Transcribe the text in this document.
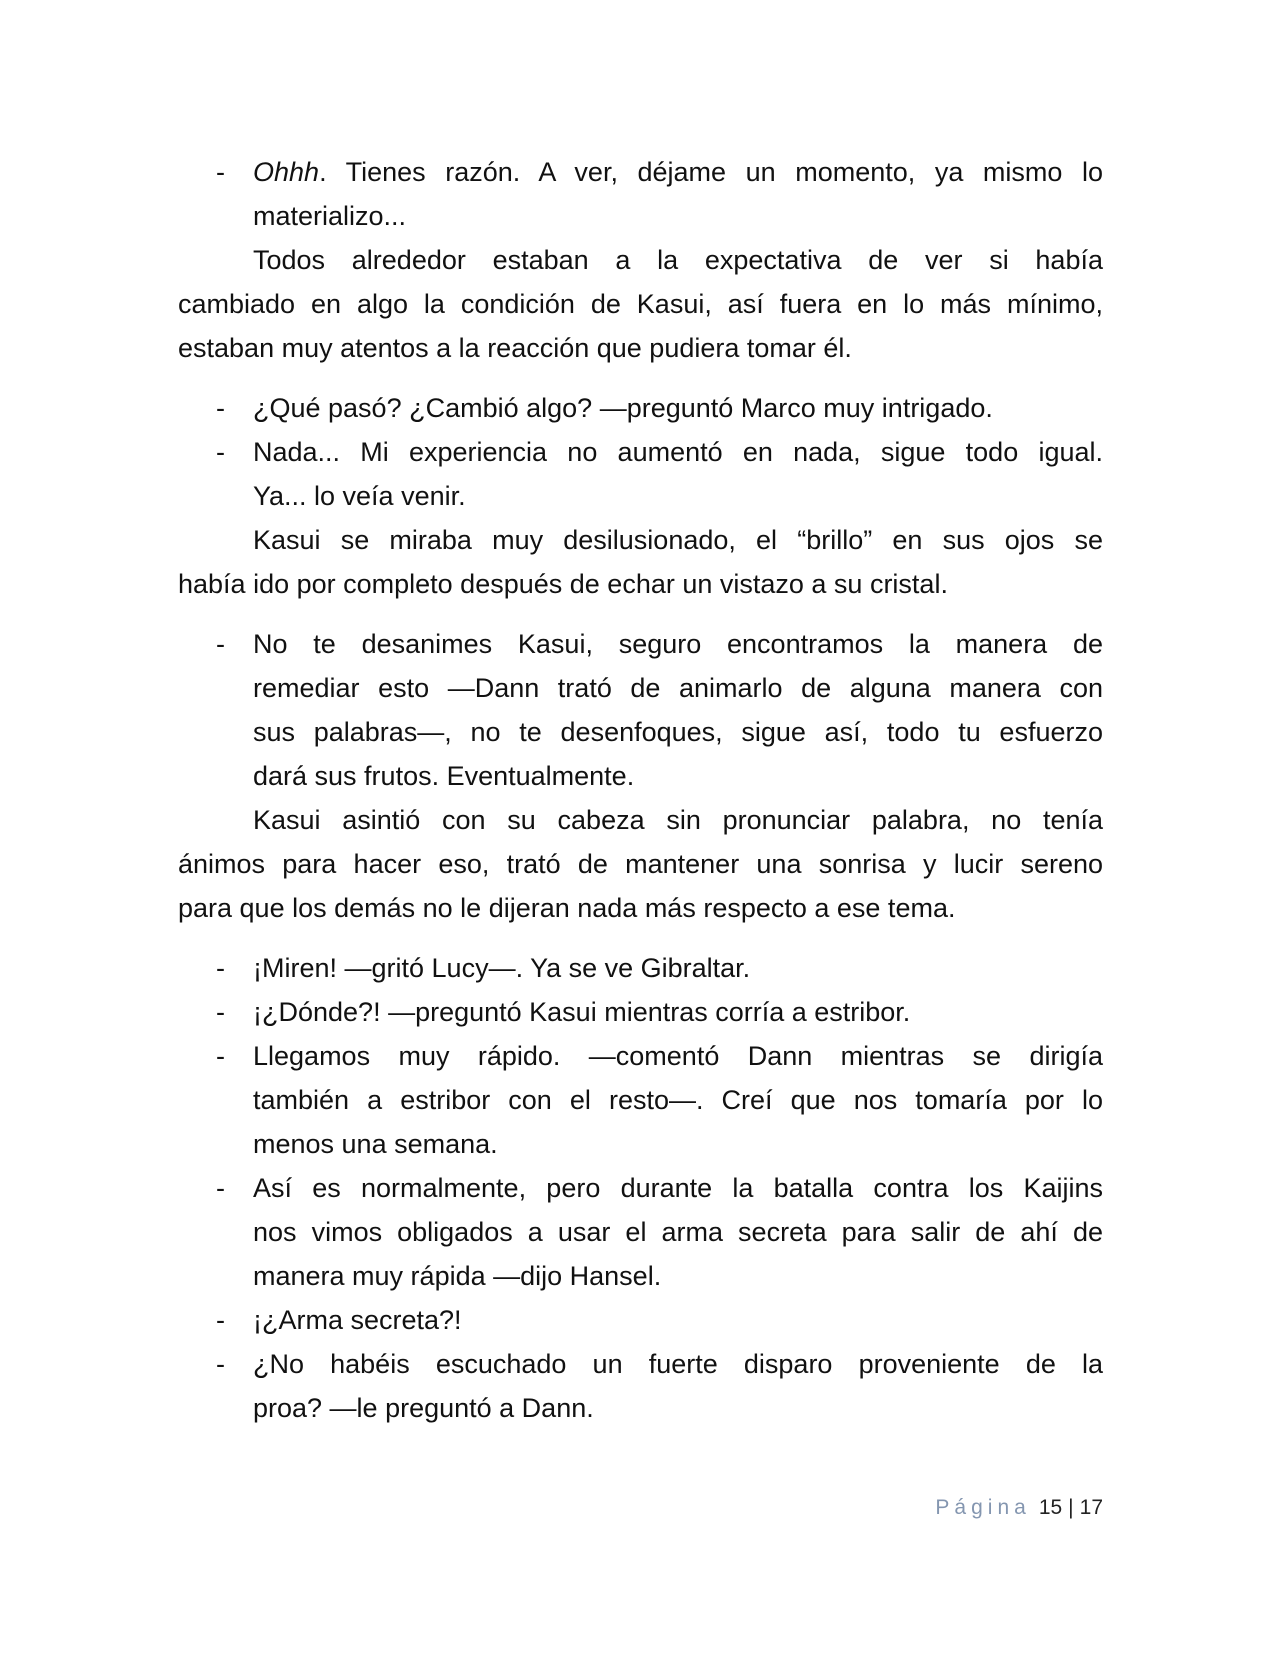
- Ohhh. Tienes razón. A ver, déjame un momento, ya mismo lo
materializo...
Todos alrededor estaban a la expectativa de ver si había
cambiado en algo la condición de Kasui, así fuera en lo más mínimo,
estaban muy atentos a la reacción que pudiera tomar él.
- ¿Qué pasó? ¿Cambió algo? —preguntó Marco muy intrigado.
- Nada... Mi experiencia no aumentó en nada, sigue todo igual.
Ya... lo veía venir.
Kasui se miraba muy desilusionado, el “brillo” en sus ojos se
había ido por completo después de echar un vistazo a su cristal.
- No te desanimes Kasui, seguro encontramos la manera de
remediar esto —Dann trató de animarlo de alguna manera con
sus palabras—, no te desenfoques, sigue así, todo tu esfuerzo
dará sus frutos. Eventualmente.
Kasui asintió con su cabeza sin pronunciar palabra, no tenía
ánimos para hacer eso, trató de mantener una sonrisa y lucir sereno
para que los demás no le dijeran nada más respecto a ese tema.
- ¡Miren! —gritó Lucy—. Ya se ve Gibraltar.
- ¡¿Dónde?! —preguntó Kasui mientras corría a estribor.
- Llegamos muy rápido. —comentó Dann mientras se dirigía
también a estribor con el resto—. Creí que nos tomaría por lo
menos una semana.
- Así es normalmente, pero durante la batalla contra los Kaijins
nos vimos obligados a usar el arma secreta para salir de ahí de
manera muy rápida —dijo Hansel.
- ¡¿Arma secreta?!
- ¿No habéis escuchado un fuerte disparo proveniente de la
proa? —le preguntó a Dann.
Página 15 | 17
